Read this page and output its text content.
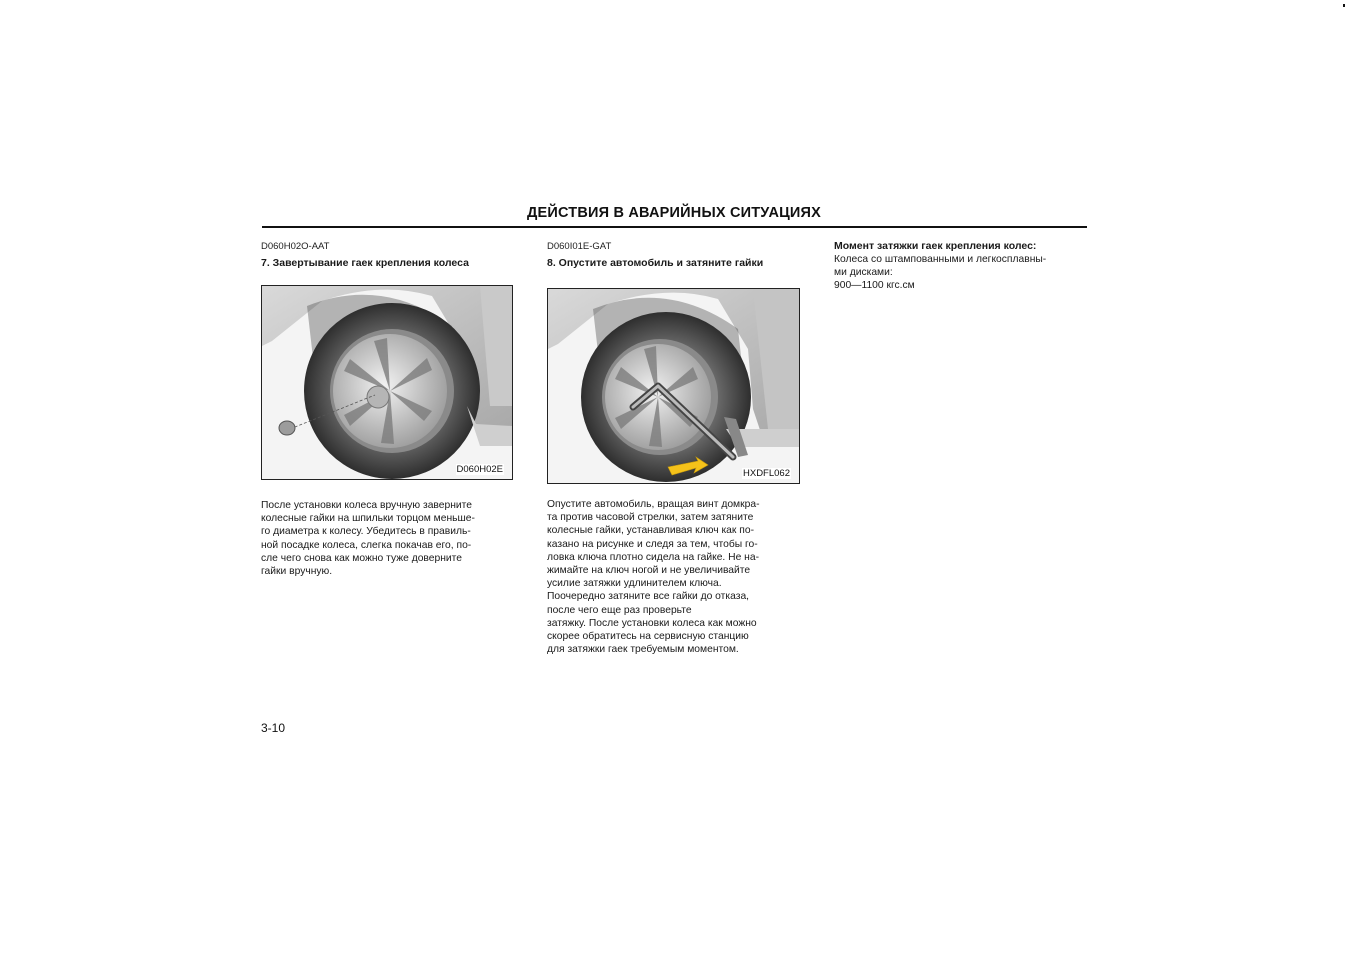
ДЕЙСТВИЯ В АВАРИЙНЫХ СИТУАЦИЯХ

D060H02O-AAT

7. Завертывание гаек крепления колеса

D060H02E

После установки колеса вручную заверните
колесные гайки на шпильки торцом меньше-
го диаметра к колесу. Убедитесь в правиль-
ной посадке колеса, слегка покачав его, по-
сле чего снова как можно туже доверните
гайки вручную.

D060I01E-GAT

8. Опустите автомобиль и затяните гайки

HXDFL062

Опустите автомобиль, вращая винт домкра-
та против часовой стрелки, затем затяните
колесные гайки, устанавливая ключ как по-
казано на рисунке и следя за тем, чтобы го-
ловка ключа плотно сидела на гайке. Не на-
жимайте на ключ ногой и не увеличивайте
усилие затяжки удлинителем ключа.
Поочередно затяните все гайки до отказа,
после чего еще раз проверьте
затяжку. После установки колеса как можно
скорее обратитесь на сервисную станцию
для затяжки гаек требуемым моментом.

Момент затяжки гаек крепления колес:

Колеса со штампованными и легкосплавны-
ми дисками:
900—1100 кгс.см

3-10
